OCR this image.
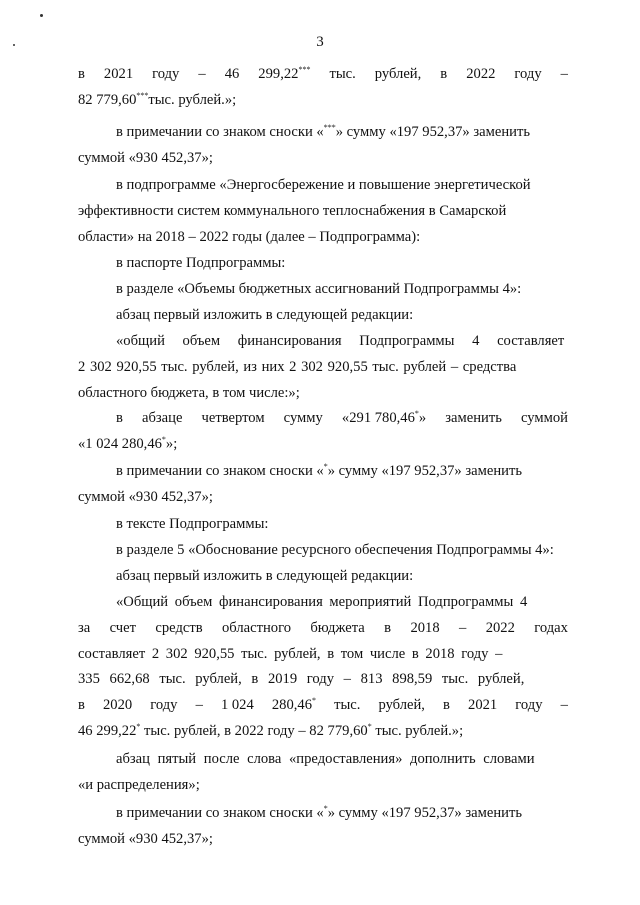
3
в 2021 году – 46 299,22*** тыс. рублей, в 2022 году –
82 779,60***тыс. рублей.»;
в примечании со знаком сноски «***» сумму «197 952,37» заменить
суммой «930 452,37»;
в подпрограмме «Энергосбережение и повышение энергетической
эффективности систем коммунального теплоснабжения в Самарской
области» на 2018 – 2022 годы (далее – Подпрограмма):
в паспорте Подпрограммы:
в разделе «Объемы бюджетных ассигнований Подпрограммы 4»:
абзац первый изложить в следующей редакции:
«общий объем финансирования Подпрограммы 4 составляет
2 302 920,55 тыс. рублей, из них 2 302 920,55 тыс. рублей – средства
областного бюджета, в том числе:»;
в абзаце четвертом сумму «291 780,46*» заменить суммой
«1 024 280,46*»;
в примечании со знаком сноски «*» сумму «197 952,37» заменить
суммой «930 452,37»;
в тексте Подпрограммы:
в разделе 5 «Обоснование ресурсного обеспечения Подпрограммы 4»:
абзац первый изложить в следующей редакции:
«Общий объем финансирования мероприятий Подпрограммы 4
за счет средств областного бюджета в 2018 – 2022 годах
составляет 2 302 920,55 тыс. рублей, в том числе в 2018 году –
335 662,68 тыс. рублей, в 2019 году – 813 898,59 тыс. рублей,
в 2020 году – 1 024 280,46* тыс. рублей, в 2021 году –
46 299,22* тыс. рублей, в 2022 году – 82 779,60* тыс. рублей.»;
абзац пятый после слова «предоставления» дополнить словами
«и распределения»;
в примечании со знаком сноски «*» сумму «197 952,37» заменить
суммой «930 452,37»;
